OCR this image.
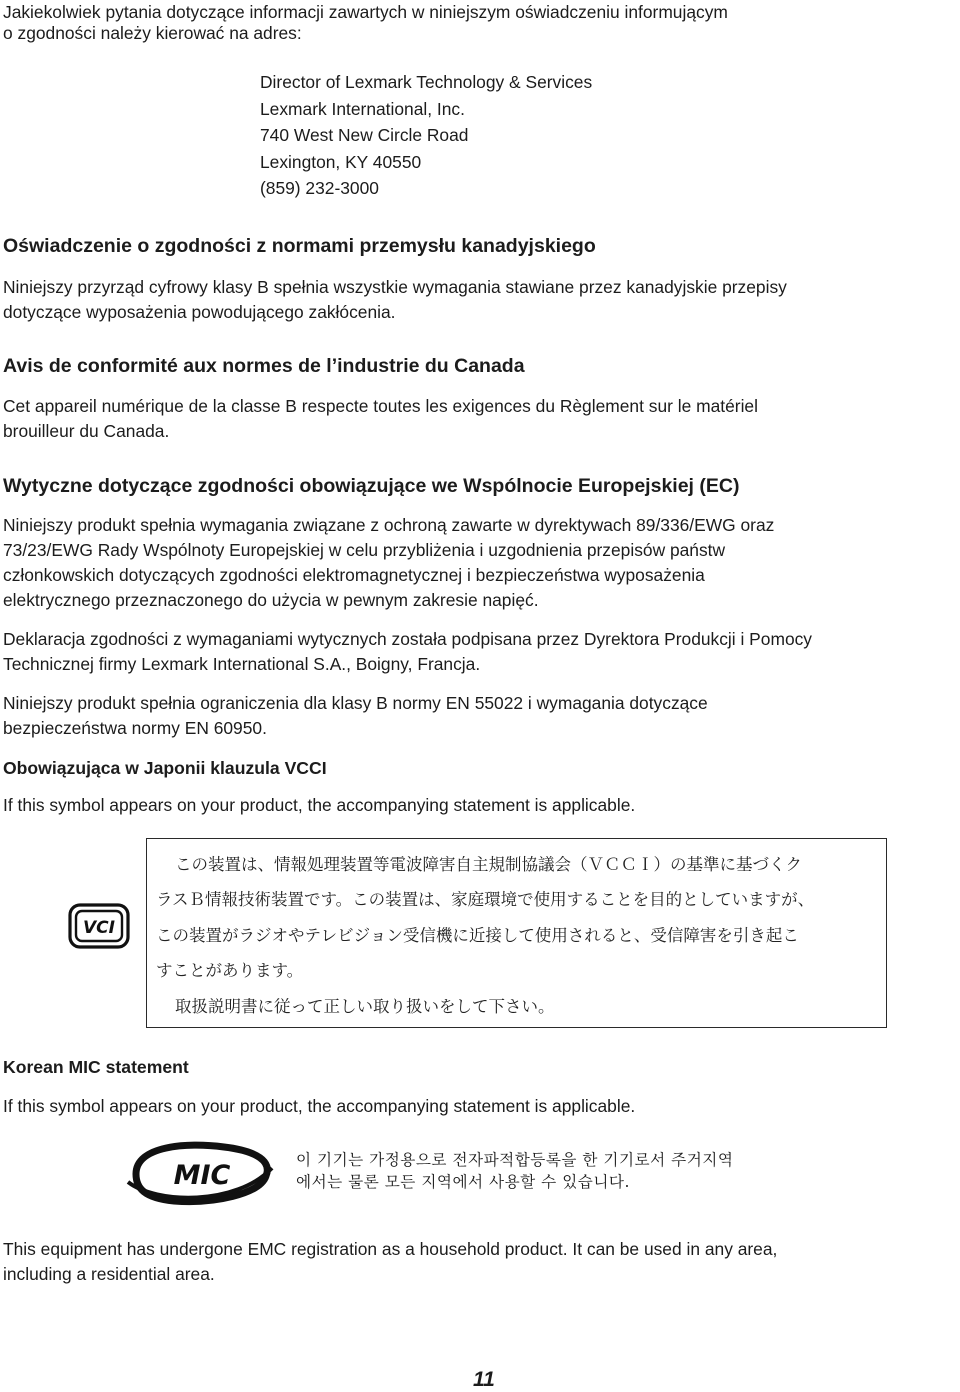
Jakiekolwiek pytania dotyczące informacji zawartych w niniejszym oświadczeniu informującym
o zgodności należy kierować na adres:
Director of Lexmark Technology & Services
Lexmark International, Inc.
740 West New Circle Road
Lexington, KY 40550
(859) 232-3000
Oświadczenie o zgodności z normami przemysłu kanadyjskiego
Niniejszy przyrząd cyfrowy klasy B spełnia wszystkie wymagania stawiane przez kanadyjskie przepisy
dotyczące wyposażenia powodującego zakłócenia.
Avis de conformité aux normes de l’industrie du Canada
Cet appareil numérique de la classe B respecte toutes les exigences du Règlement sur le matériel
brouilleur du Canada.
Wytyczne dotyczące zgodności obowiązujące we Wspólnocie Europejskiej (EC)
Niniejszy produkt spełnia wymagania związane z ochroną zawarte w dyrektywach 89/336/EWG oraz
73/23/EWG Rady Wspólnoty Europejskiej w celu przybliżenia i uzgodnienia przepisów państw
członkowskich dotyczących zgodności elektromagnetycznej i bezpieczeństwa wyposażenia
elektrycznego przeznaczonego do użycia w pewnym zakresie napięć.
Deklaracja zgodności z wymaganiami wytycznych została podpisana przez Dyrektora Produkcji i Pomocy
Technicznej firmy Lexmark International S.A., Boigny, Francja.
Niniejszy produkt spełnia ograniczenia dla klasy B normy EN 55022 i wymagania dotyczące
bezpieczeństwa normy EN 60950.
Obowiązująca w Japonii klauzula VCCI
If this symbol appears on your product, the accompanying statement is applicable.
VCI
この装置は、情報処理装置等電波障害自主規制協議会（ＶＣＣＩ）の基準に基づくク
ラスＢ情報技術装置です。この装置は、家庭環境で使用することを目的としていますが、
この装置がラジオやテレビジョン受信機に近接して使用されると、受信障害を引き起こ
すことがあります。
取扱説明書に従って正しい取り扱いをして下さい。
Korean MIC statement
If this symbol appears on your product, the accompanying statement is applicable.
MIC	이 기기는 가정용으로 전자파적합등록을 한 기기로서 주거지역
에서는 물론 모든 지역에서 사용할 수 있습니다.
This equipment has undergone EMC registration as a household product. It can be used in any area,
including a residential area.
11
